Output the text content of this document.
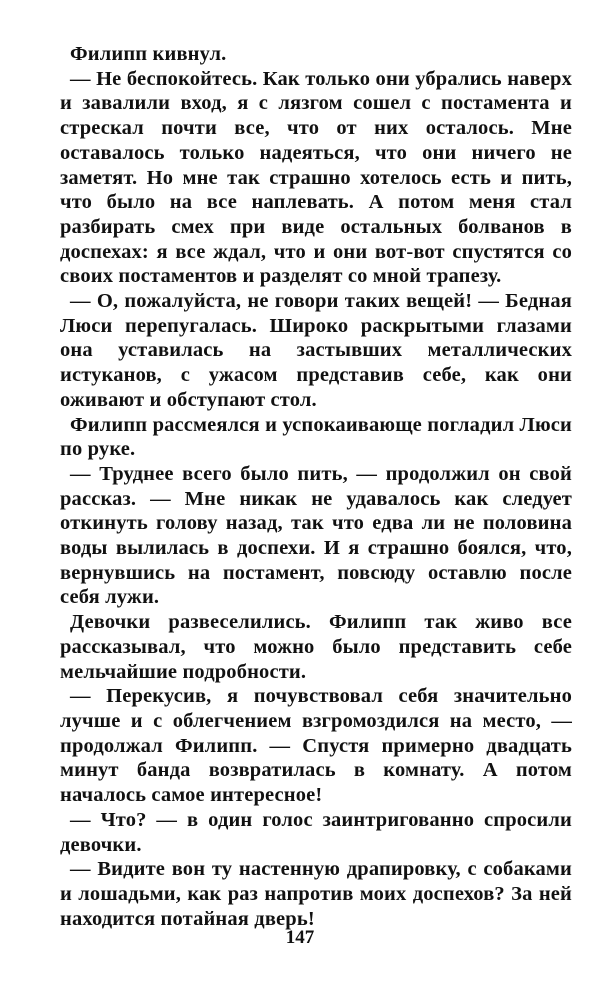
Филипп кивнул.

— Не беспокойтесь. Как только они убрались наверх и завалили вход, я с лязгом сошел с постамента и стрескал почти все, что от них осталось. Мне оставалось только надеяться, что они ничего не заметят. Но мне так страшно хотелось есть и пить, что было на все наплевать. А потом меня стал разбирать смех при виде остальных болванов в доспехах: я все ждал, что и они вот-вот спустятся со своих постаментов и разделят со мной трапезу.

— О, пожалуйста, не говори таких вещей! — Бедная Люси перепугалась. Широко раскрытыми глазами она уставилась на застывших металлических истуканов, с ужасом представив себе, как они оживают и обступают стол.

Филипп рассмеялся и успокаивающе погладил Люси по руке.

— Труднее всего было пить, — продолжил он свой рассказ. — Мне никак не удавалось как следует откинуть голову назад, так что едва ли не половина воды вылилась в доспехи. И я страшно боялся, что, вернувшись на постамент, повсюду оставлю после себя лужи.

Девочки развеселились. Филипп так живо все рассказывал, что можно было представить себе мельчайшие подробности.

— Перекусив, я почувствовал себя значительно лучше и с облегчением взгромоздился на место, — продолжал Филипп. — Спустя примерно двадцать минут банда возвратилась в комнату. А потом началось самое интересное!

— Что? — в один голос заинтригованно спросили девочки.

— Видите вон ту настенную драпировку, с собаками и лошадьми, как раз напротив моих доспехов? За ней находится потайная дверь!

147
